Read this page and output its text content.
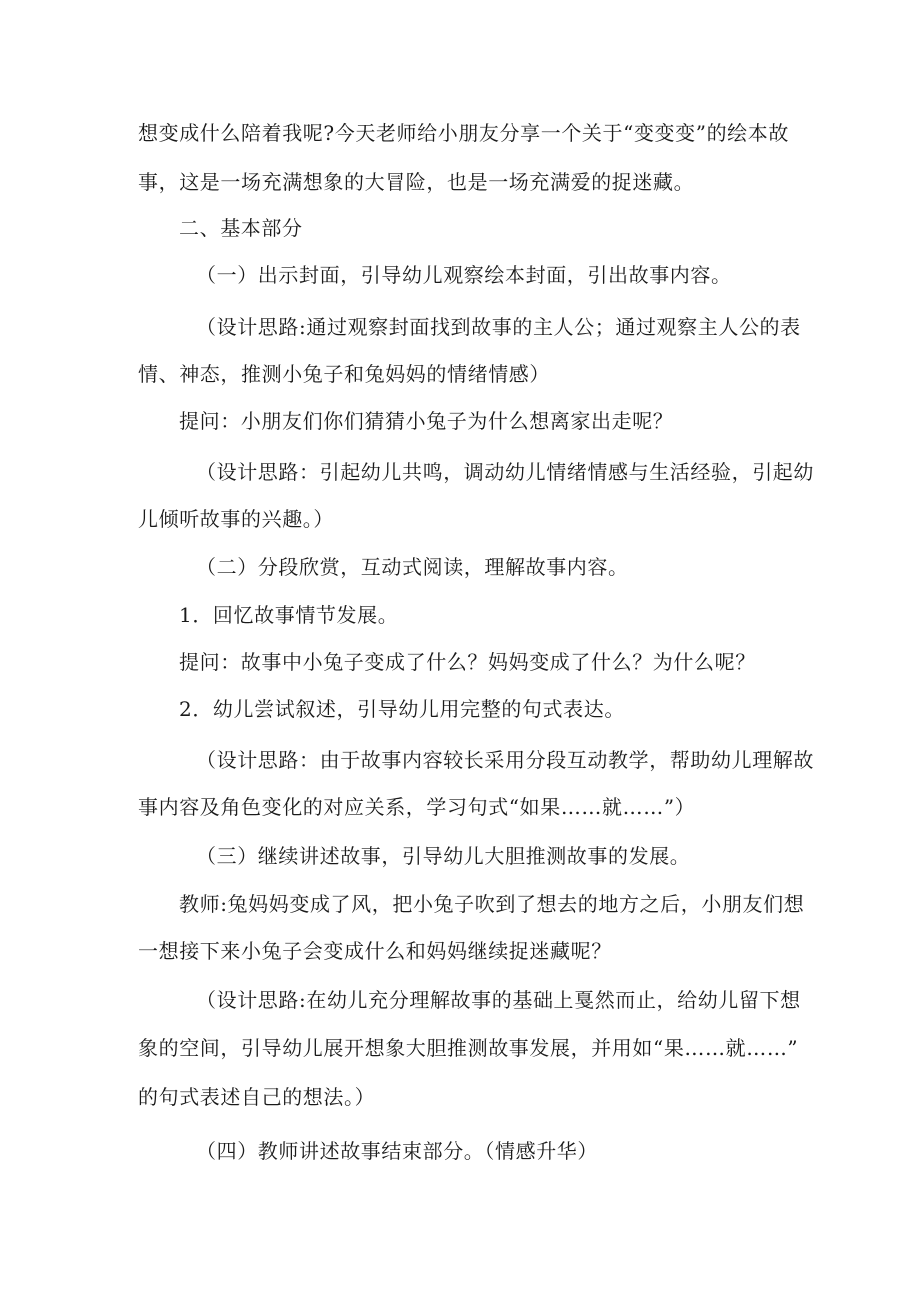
想变成什么陪着我呢?今天老师给小朋友分享一个关于“变变变”的绘本故
事，这是一场充满想象的大冒险，也是一场充满爱的捉迷藏。
二、基本部分
（一）出示封面，引导幼儿观察绘本封面，引出故事内容。
（设计思路:通过观察封面找到故事的主人公；通过观察主人公的表
情、神态，推测小兔子和兔妈妈的情绪情感）
提问：小朋友们你们猜猜小兔子为什么想离家出走呢？
（设计思路：引起幼儿共鸣，调动幼儿情绪情感与生活经验，引起幼
儿倾听故事的兴趣。）
（二）分段欣赏，互动式阅读，理解故事内容。
1．回忆故事情节发展。
提问：故事中小兔子变成了什么？妈妈变成了什么？为什么呢？
2．幼儿尝试叙述，引导幼儿用完整的句式表达。
（设计思路：由于故事内容较长采用分段互动教学，帮助幼儿理解故
事内容及角色变化的对应关系，学习句式“如果……就……”）
（三）继续讲述故事，引导幼儿大胆推测故事的发展。
教师:兔妈妈变成了风，把小兔子吹到了想去的地方之后，小朋友们想
一想接下来小兔子会变成什么和妈妈继续捉迷藏呢？
（设计思路:在幼儿充分理解故事的基础上戛然而止，给幼儿留下想
象的空间，引导幼儿展开想象大胆推测故事发展，并用如“果……就……”
的句式表述自己的想法。）
（四）教师讲述故事结束部分。（情感升华）
